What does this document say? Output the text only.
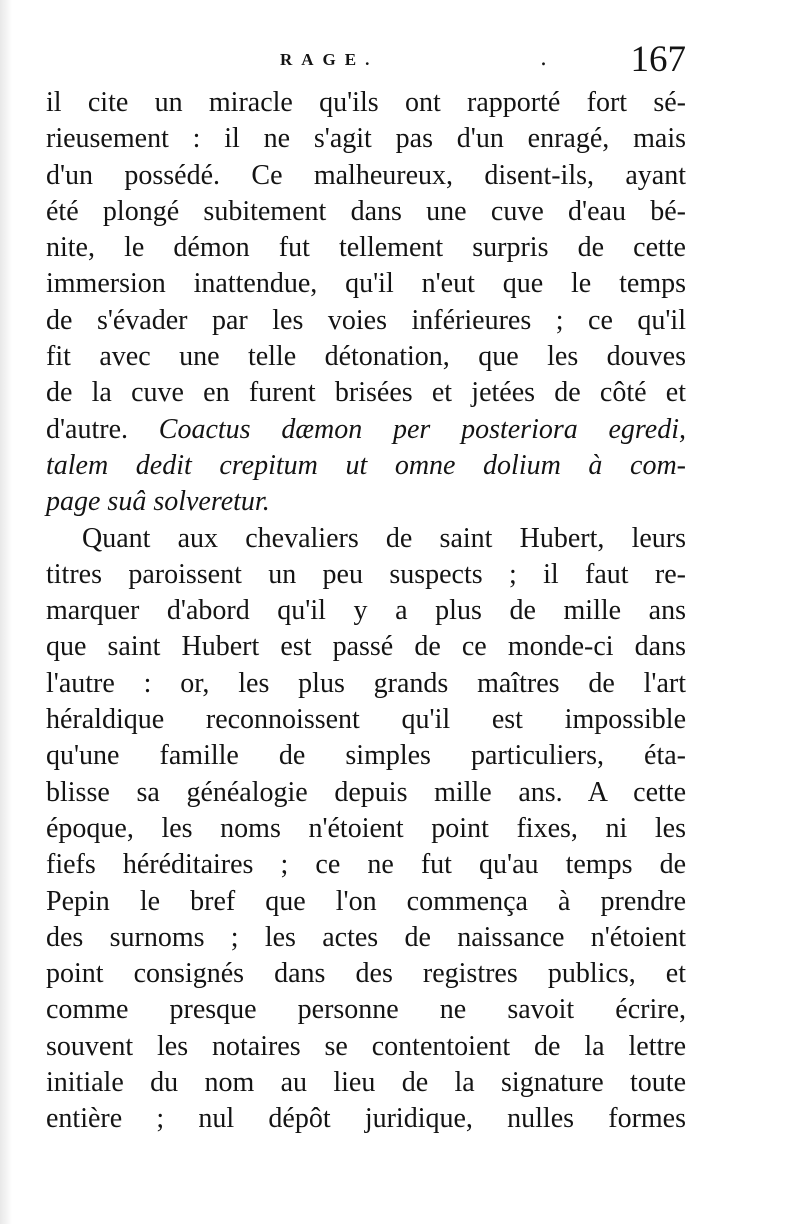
RAGE.	. 167
il cite un miracle qu'ils ont rapporté fort sé-
rieusement : il ne s'agit pas d'un enragé, mais
d'un possédé. Ce malheureux, disent-ils, ayant
été plongé subitement dans une cuve d'eau bé-
nite, le démon fut tellement surpris de cette
immersion inattendue, qu'il n'eut que le temps
de s'évader par les voies inférieures ; ce qu'il
fit avec une telle détonation, que les douves
de la cuve en furent brisées et jetées de côté et
d'autre. Coactus dæmon per posteriora egredi,
talem dedit crepitum ut omne dolium à com-
page suâ solveretur.
Quant aux chevaliers de saint Hubert, leurs
titres paroissent un peu suspects ; il faut re-
marquer d'abord qu'il y a plus de mille ans
que saint Hubert est passé de ce monde-ci dans
l'autre : or, les plus grands maîtres de l'art
héraldique reconnoissent qu'il est impossible
qu'une famille de simples particuliers, éta-
blisse sa généalogie depuis mille ans. A cette
époque, les noms n'étoient point fixes, ni les
fiefs héréditaires ; ce ne fut qu'au temps de
Pepin le bref que l'on commença à prendre
des surnoms ; les actes de naissance n'étoient
point consignés dans des registres publics, et
comme presque personne ne savoit écrire,
souvent les notaires se contentoient de la lettre
initiale du nom au lieu de la signature toute
entière ; nul dépôt juridique, nulles formes
